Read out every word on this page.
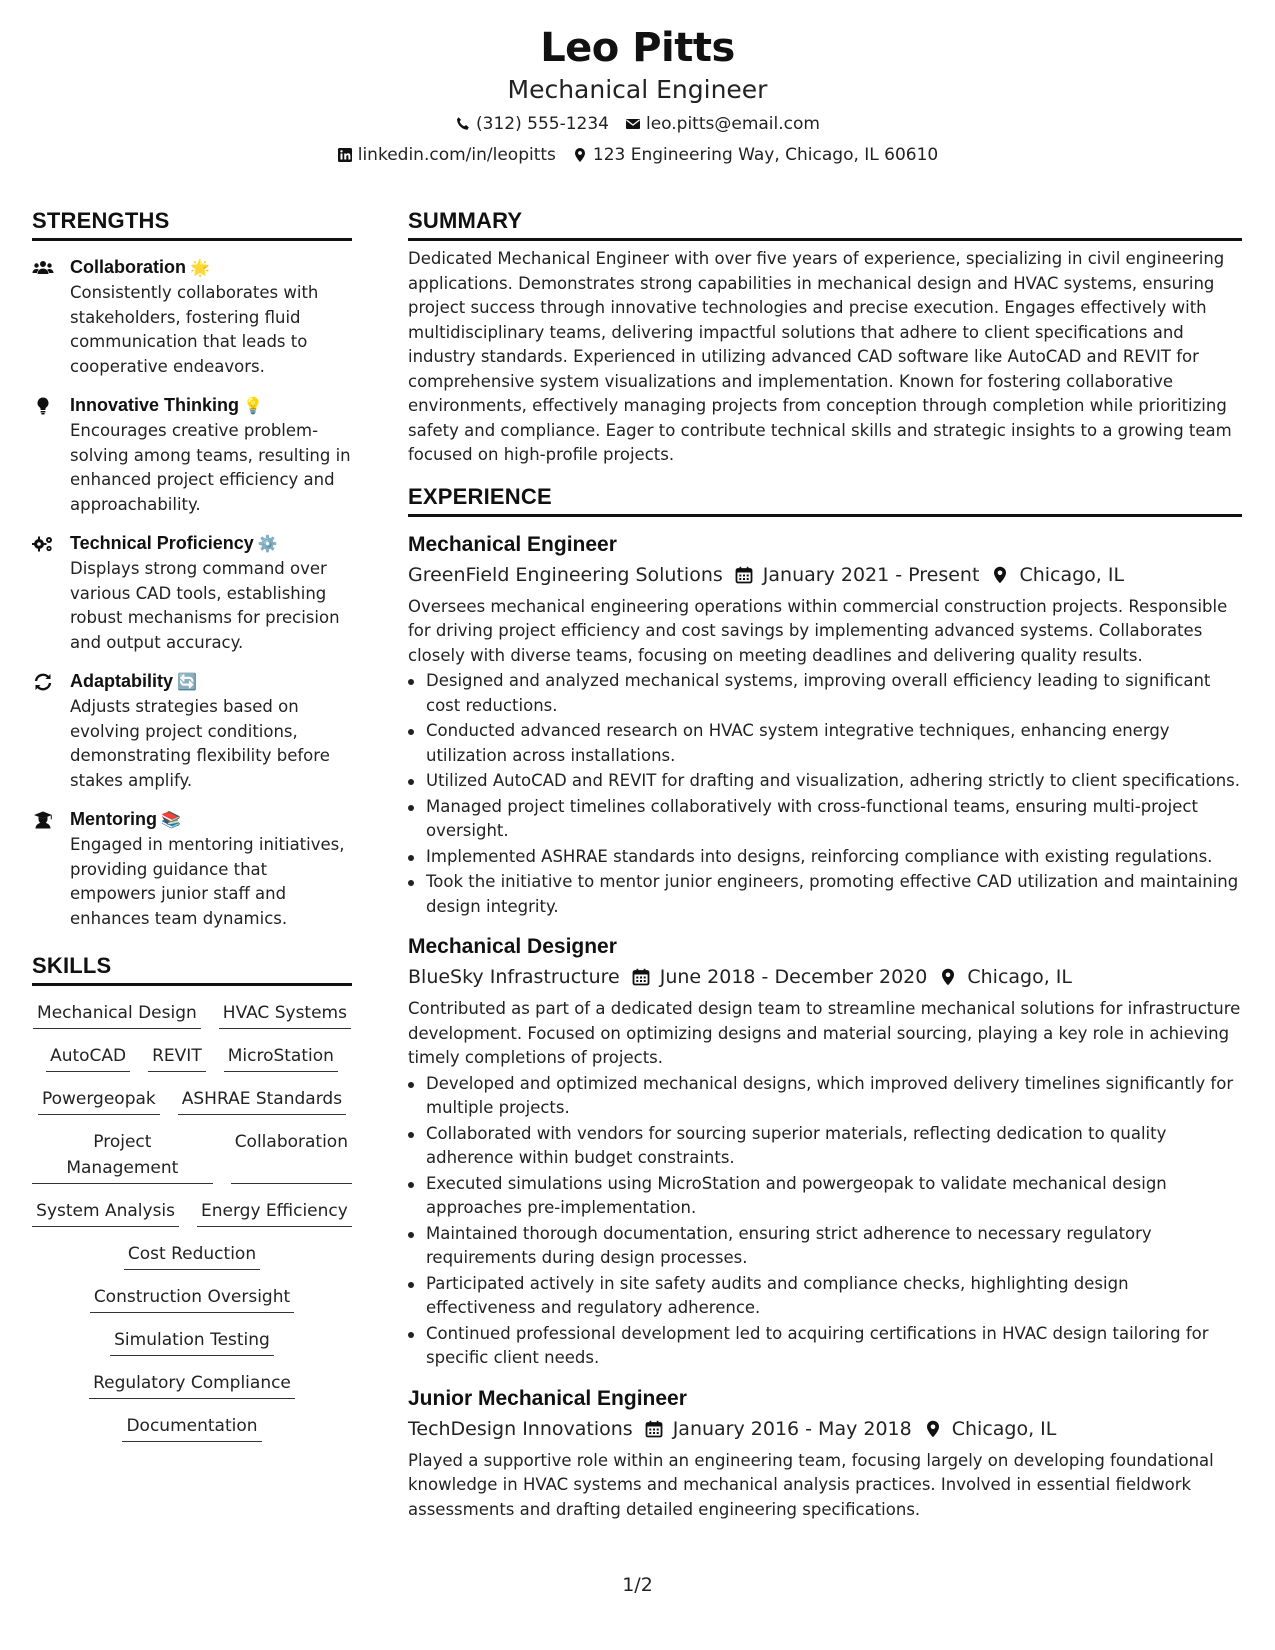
Leo Pitts
Mechanical Engineer
(312) 555-1234 leo.pitts@email.com
linkedin.com/in/leopitts 123 Engineering Way, Chicago, IL 60610
STRENGTHS
Collaboration 🌟
Consistently collaborates with stakeholders, fostering fluid communication that leads to cooperative endeavors.
Innovative Thinking 💡
Encourages creative problem-solving among teams, resulting in enhanced project efficiency and approachability.
Technical Proficiency ⚙️
Displays strong command over various CAD tools, establishing robust mechanisms for precision and output accuracy.
Adaptability 🔄
Adjusts strategies based on evolving project conditions, demonstrating flexibility before stakes amplify.
Mentoring 📚
Engaged in mentoring initiatives, providing guidance that empowers junior staff and enhances team dynamics.
SKILLS
Mechanical Design HVAC Systems
AutoCAD REVIT MicroStation
Powergeopak ASHRAE Standards
Project Management
Collaboration
System Analysis Energy Efficiency
Cost Reduction
Construction Oversight
Simulation Testing
Regulatory Compliance
Documentation
SUMMARY
Dedicated Mechanical Engineer with over five years of experience, specializing in civil engineering applications. Demonstrates strong capabilities in mechanical design and HVAC systems, ensuring project success through innovative technologies and precise execution. Engages effectively with multidisciplinary teams, delivering impactful solutions that adhere to client specifications and industry standards. Experienced in utilizing advanced CAD software like AutoCAD and REVIT for comprehensive system visualizations and implementation. Known for fostering collaborative environments, effectively managing projects from conception through completion while prioritizing safety and compliance. Eager to contribute technical skills and strategic insights to a growing team focused on high-profile projects.
EXPERIENCE
Mechanical Engineer
GreenField Engineering Solutions January 2021 - Present Chicago, IL
Oversees mechanical engineering operations within commercial construction projects. Responsible for driving project efficiency and cost savings by implementing advanced systems. Collaborates closely with diverse teams, focusing on meeting deadlines and delivering quality results.
Designed and analyzed mechanical systems, improving overall efficiency leading to significant cost reductions.
Conducted advanced research on HVAC system integrative techniques, enhancing energy utilization across installations.
Utilized AutoCAD and REVIT for drafting and visualization, adhering strictly to client specifications.
Managed project timelines collaboratively with cross-functional teams, ensuring multi-project oversight.
Implemented ASHRAE standards into designs, reinforcing compliance with existing regulations.
Took the initiative to mentor junior engineers, promoting effective CAD utilization and maintaining design integrity.
Mechanical Designer
BlueSky Infrastructure June 2018 - December 2020 Chicago, IL
Contributed as part of a dedicated design team to streamline mechanical solutions for infrastructure development. Focused on optimizing designs and material sourcing, playing a key role in achieving timely completions of projects.
Developed and optimized mechanical designs, which improved delivery timelines significantly for multiple projects.
Collaborated with vendors for sourcing superior materials, reflecting dedication to quality adherence within budget constraints.
Executed simulations using MicroStation and powergeopak to validate mechanical design approaches pre-implementation.
Maintained thorough documentation, ensuring strict adherence to necessary regulatory requirements during design processes.
Participated actively in site safety audits and compliance checks, highlighting design effectiveness and regulatory adherence.
Continued professional development led to acquiring certifications in HVAC design tailoring for specific client needs.
Junior Mechanical Engineer
TechDesign Innovations January 2016 - May 2018 Chicago, IL
Played a supportive role within an engineering team, focusing largely on developing foundational knowledge in HVAC systems and mechanical analysis practices. Involved in essential fieldwork assessments and drafting detailed engineering specifications.
1/2
